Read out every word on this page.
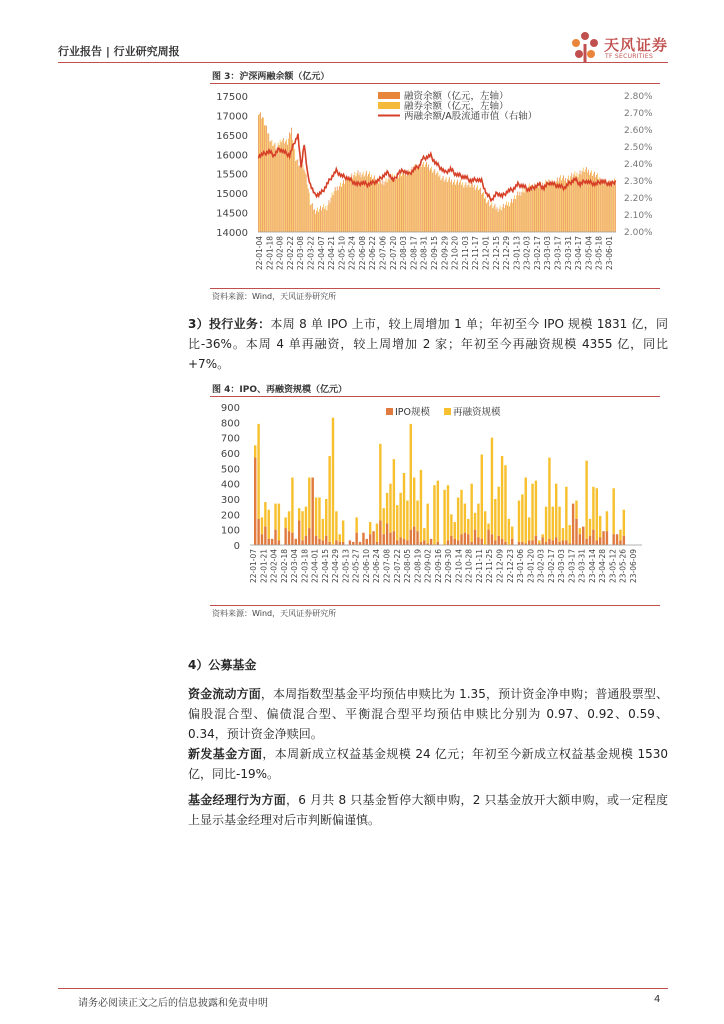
行业报告 | 行业研究周报	天风证券
TF SECURITIES
图 3：沪深两融余额（亿元）
17500
17000
16500
16000
15500
15000
14500
14000
2.80%
2.70%
2.60%
2.50%
2.40%
2.30%
2.20%
2.10%
2.00%
22-01-04 22-01-18 22-02-08 22-02-22 22-03-08 22-03-22 22-04-07 22-04-21 22-05-10 22-05-24 22-06-08 22-06-22 22-07-06 22-07-20 22-08-03 22-08-17 22-08-31 22-09-15 22-09-29 22-10-20 22-11-03 22-11-17 22-12-01 22-12-15 22-12-29 23-01-13 23-02-03 23-02-17 23-03-03 23-03-17 23-03-31 23-04-17 23-05-04 23-05-18 23-06-01
融资余额（亿元，左轴）
融券余额（亿元，左轴）
两融余额/A股流通市值（右轴）
资料来源：Wind，天风证券研究所
3）投行业务：本周 8 单 IPO 上市，较上周增加 1 单；年初至今 IPO 规模 1831 亿，同比-36%。本周 4 单再融资，较上周增加 2 家；年初至今再融资规模 4355 亿，同比+7%。
图 4：IPO、再融资规模（亿元）
900
800
700
600
500
400
300
200
100
0
22-01-07 22-01-21 22-02-04 22-02-18 22-03-04 22-03-18 22-04-01 22-04-15 22-04-29 22-05-13 22-05-27 22-06-10 22-06-24 22-07-08 22-07-22 22-08-05 22-08-19 22-09-02 22-09-16 22-09-30 22-10-14 22-10-28 22-11-11 22-11-25 22-12-09 22-12-23 23-01-06 23-01-20 23-02-03 23-02-17 23-03-03 23-03-17 23-03-31 23-04-14 23-04-28 23-05-12 23-05-26 23-06-09
IPO规模 再融资规模
资料来源：Wind，天风证券研究所
4）公募基金
资金流动方面，本周指数型基金平均预估申赎比为 1.35，预计资金净申购；普通股票型、偏股混合型、偏债混合型、平衡混合型平均预估申赎比分别为 0.97、0.92、0.59、0.34，预计资金净赎回。
新发基金方面，本周新成立权益基金规模 24 亿元；年初至今新成立权益基金规模 1530 亿，同比-19%。
基金经理行为方面，6 月共 8 只基金暂停大额申购，2 只基金放开大额申购，或一定程度上显示基金经理对后市判断偏谨慎。
请务必阅读正文之后的信息披露和免责申明	4
